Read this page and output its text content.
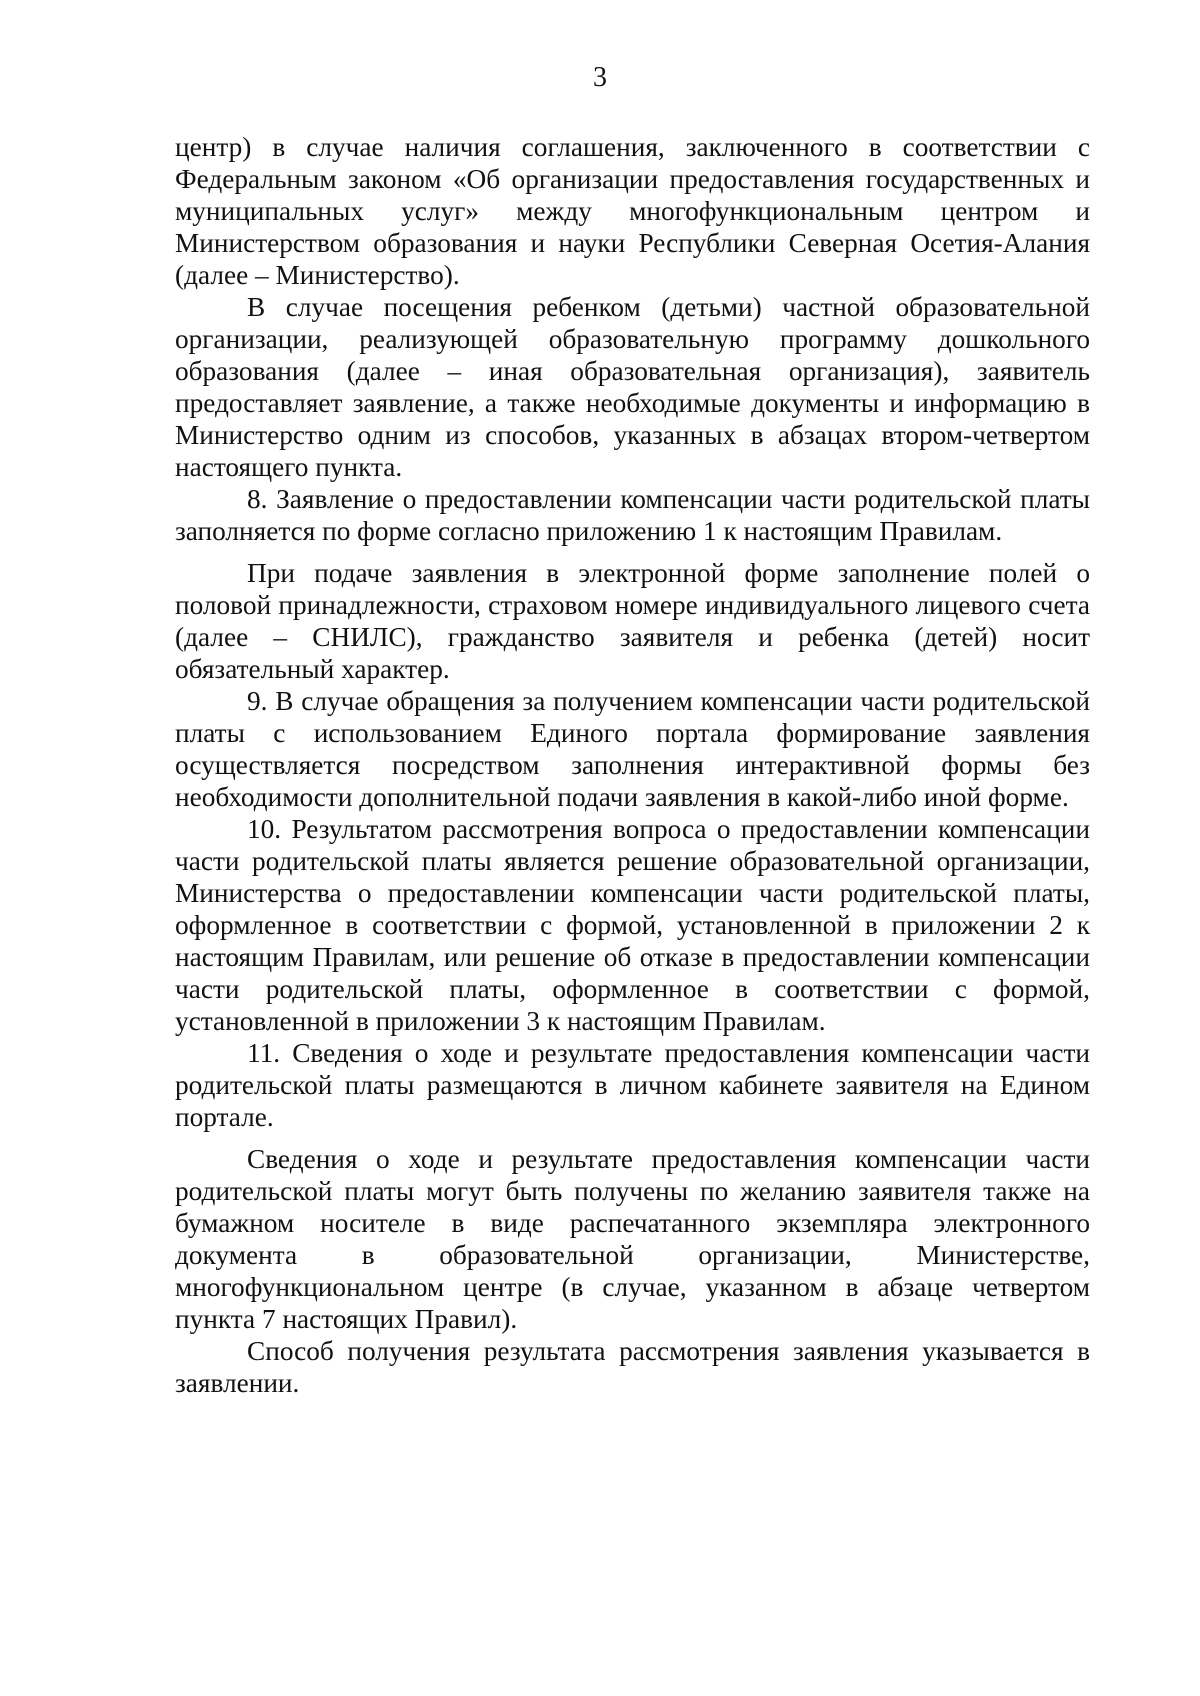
3

центр) в случае наличия соглашения, заключенного в соответствии с Федеральным законом «Об организации предоставления государственных и муниципальных услуг» между многофункциональным центром и Министерством образования и науки Республики Северная Осетия-Алания (далее – Министерство).

В случае посещения ребенком (детьми) частной образовательной организации, реализующей образовательную программу дошкольного образования (далее – иная образовательная организация), заявитель предоставляет заявление, а также необходимые документы и информацию в Министерство одним из способов, указанных в абзацах втором-четвертом настоящего пункта.

8. Заявление о предоставлении компенсации части родительской платы заполняется по форме согласно приложению 1 к настоящим Правилам.

При подаче заявления в электронной форме заполнение полей о половой принадлежности, страховом номере индивидуального лицевого счета (далее – СНИЛС), гражданство заявителя и ребенка (детей) носит обязательный характер.

9. В случае обращения за получением компенсации части родительской платы с использованием Единого портала формирование заявления осуществляется посредством заполнения интерактивной формы без необходимости дополнительной подачи заявления в какой-либо иной форме.

10. Результатом рассмотрения вопроса о предоставлении компенсации части родительской платы является решение образовательной организации, Министерства о предоставлении компенсации части родительской платы, оформленное в соответствии с формой, установленной в приложении 2 к настоящим Правилам, или решение об отказе в предоставлении компенсации части родительской платы, оформленное в соответствии с формой, установленной в приложении 3 к настоящим Правилам.

11. Сведения о ходе и результате предоставления компенсации части родительской платы размещаются в личном кабинете заявителя на Едином портале.

Сведения о ходе и результате предоставления компенсации части родительской платы могут быть получены по желанию заявителя также на бумажном носителе в виде распечатанного экземпляра электронного документа в образовательной организации, Министерстве, многофункциональном центре (в случае, указанном в абзаце четвертом пункта 7 настоящих Правил).

Способ получения результата рассмотрения заявления указывается в заявлении.
